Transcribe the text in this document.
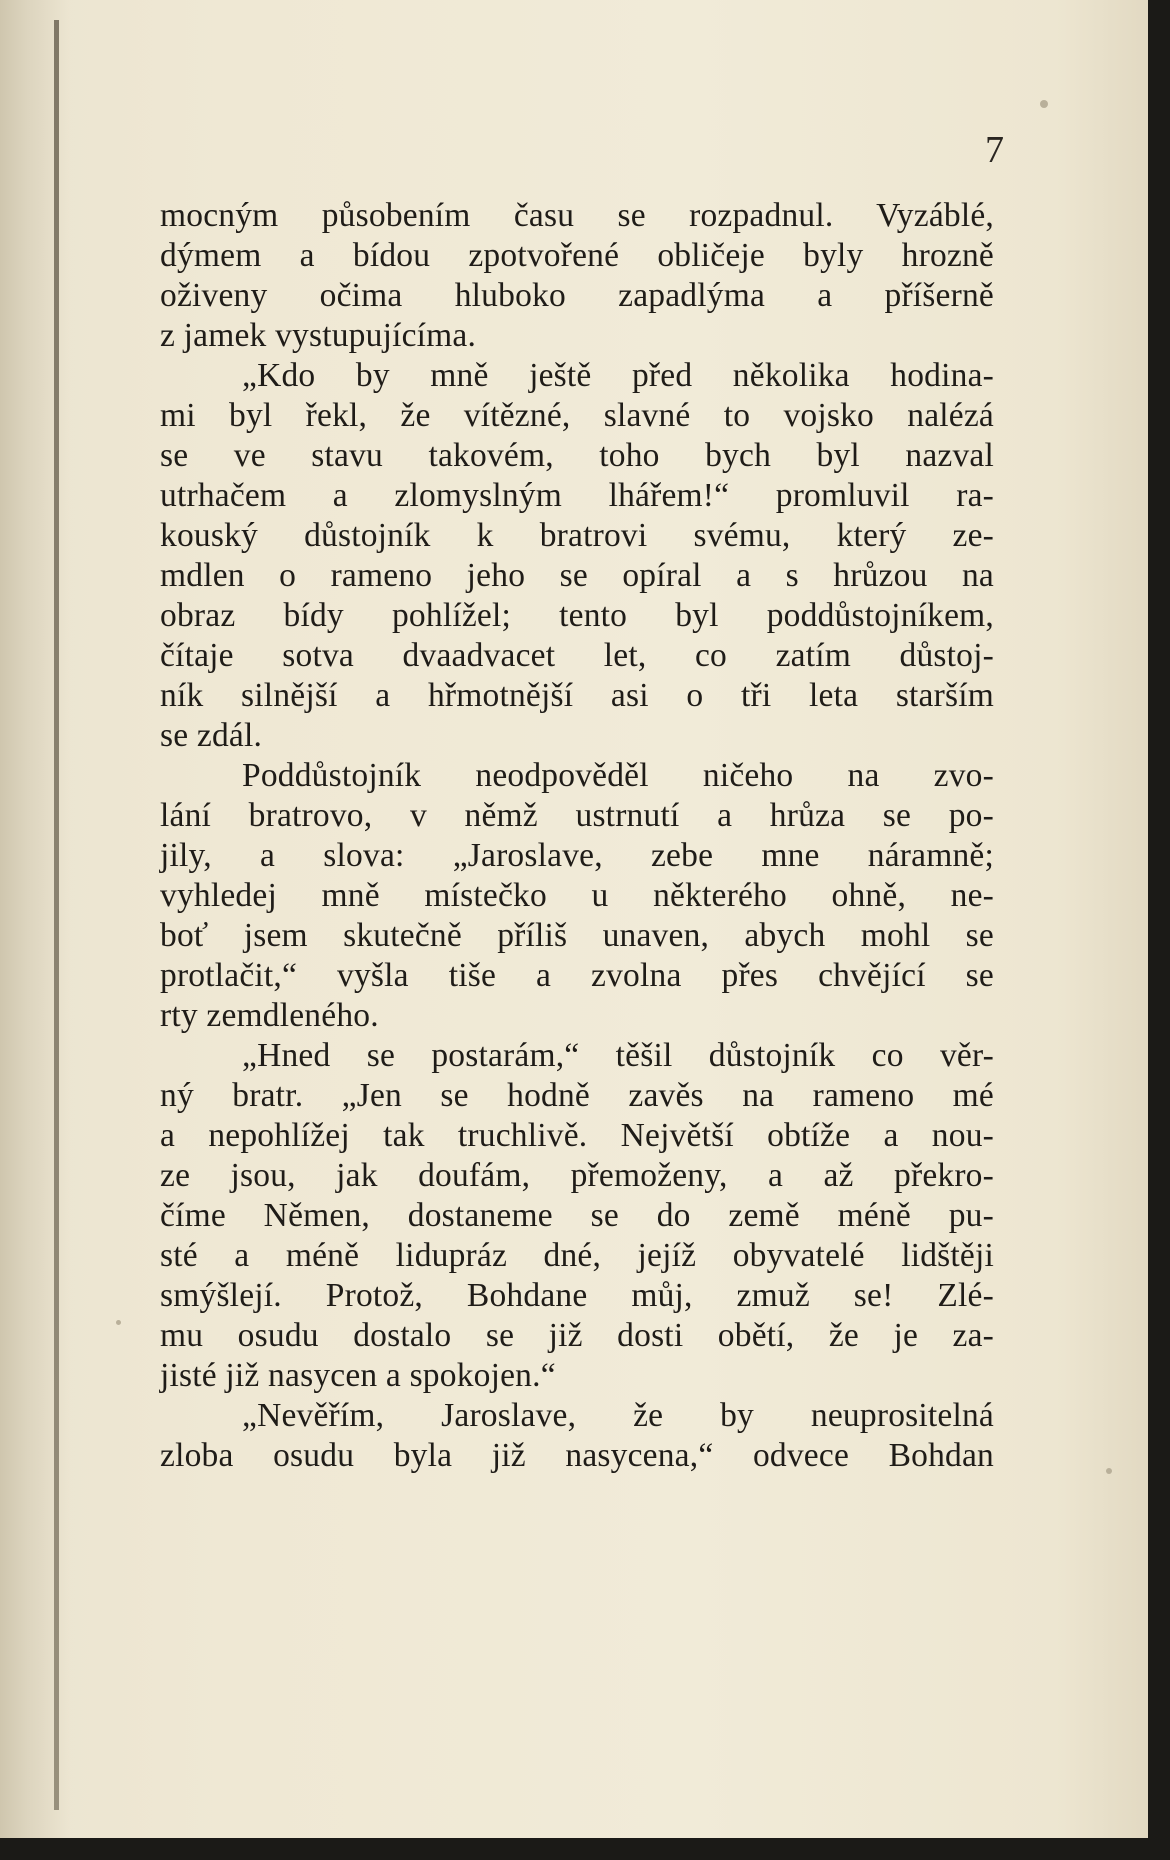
7
mocným působením času se rozpadnul. Vyzáblé,
dýmem a bídou zpotvořené obličeje byly hrozně
oživeny očima hluboko zapadlýma a příšerně
z jamek vystupujícíma.
„Kdo by mně ještě před několika hodina-
mi byl řekl, že vítězné, slavné to vojsko nalézá
se ve stavu takovém, toho bych byl nazval
utrhačem a zlomyslným lhářem!“ promluvil ra-
kouský důstojník k bratrovi svému, který ze-
mdlen o rameno jeho se opíral a s hrůzou na
obraz bídy pohlížel; tento byl poddůstojníkem,
čítaje sotva dvaadvacet let, co zatím důstoj-
ník silnější a hřmotnější asi o tři leta starším
se zdál.
Poddůstojník neodpověděl ničeho na zvo-
lání bratrovo, v němž ustrnutí a hrůza se po-
jily, a slova: „Jaroslave, zebe mne náramně;
vyhledej mně místečko u některého ohně, ne-
boť jsem skutečně příliš unaven, abych mohl se
protlačit,“ vyšla tiše a zvolna přes chvějící se
rty zemdleného.
„Hned se postarám,“ těšil důstojník co věr-
ný bratr. „Jen se hodně zavěs na rameno mé
a nepohlížej tak truchlivě. Největší obtíže a nou-
ze jsou, jak doufám, přemoženy, a až překro-
číme Němen, dostaneme se do země méně pu-
sté a méně lidupráz dné, jejíž obyvatelé lidštěji
smýšlejí. Protož, Bohdane můj, zmuž se! Zlé-
mu osudu dostalo se již dosti obětí, že je za-
jisté již nasycen a spokojen.“
„Nevěřím, Jaroslave, že by neuprositelná
zloba osudu byla již nasycena,“ odvece Bohdan
